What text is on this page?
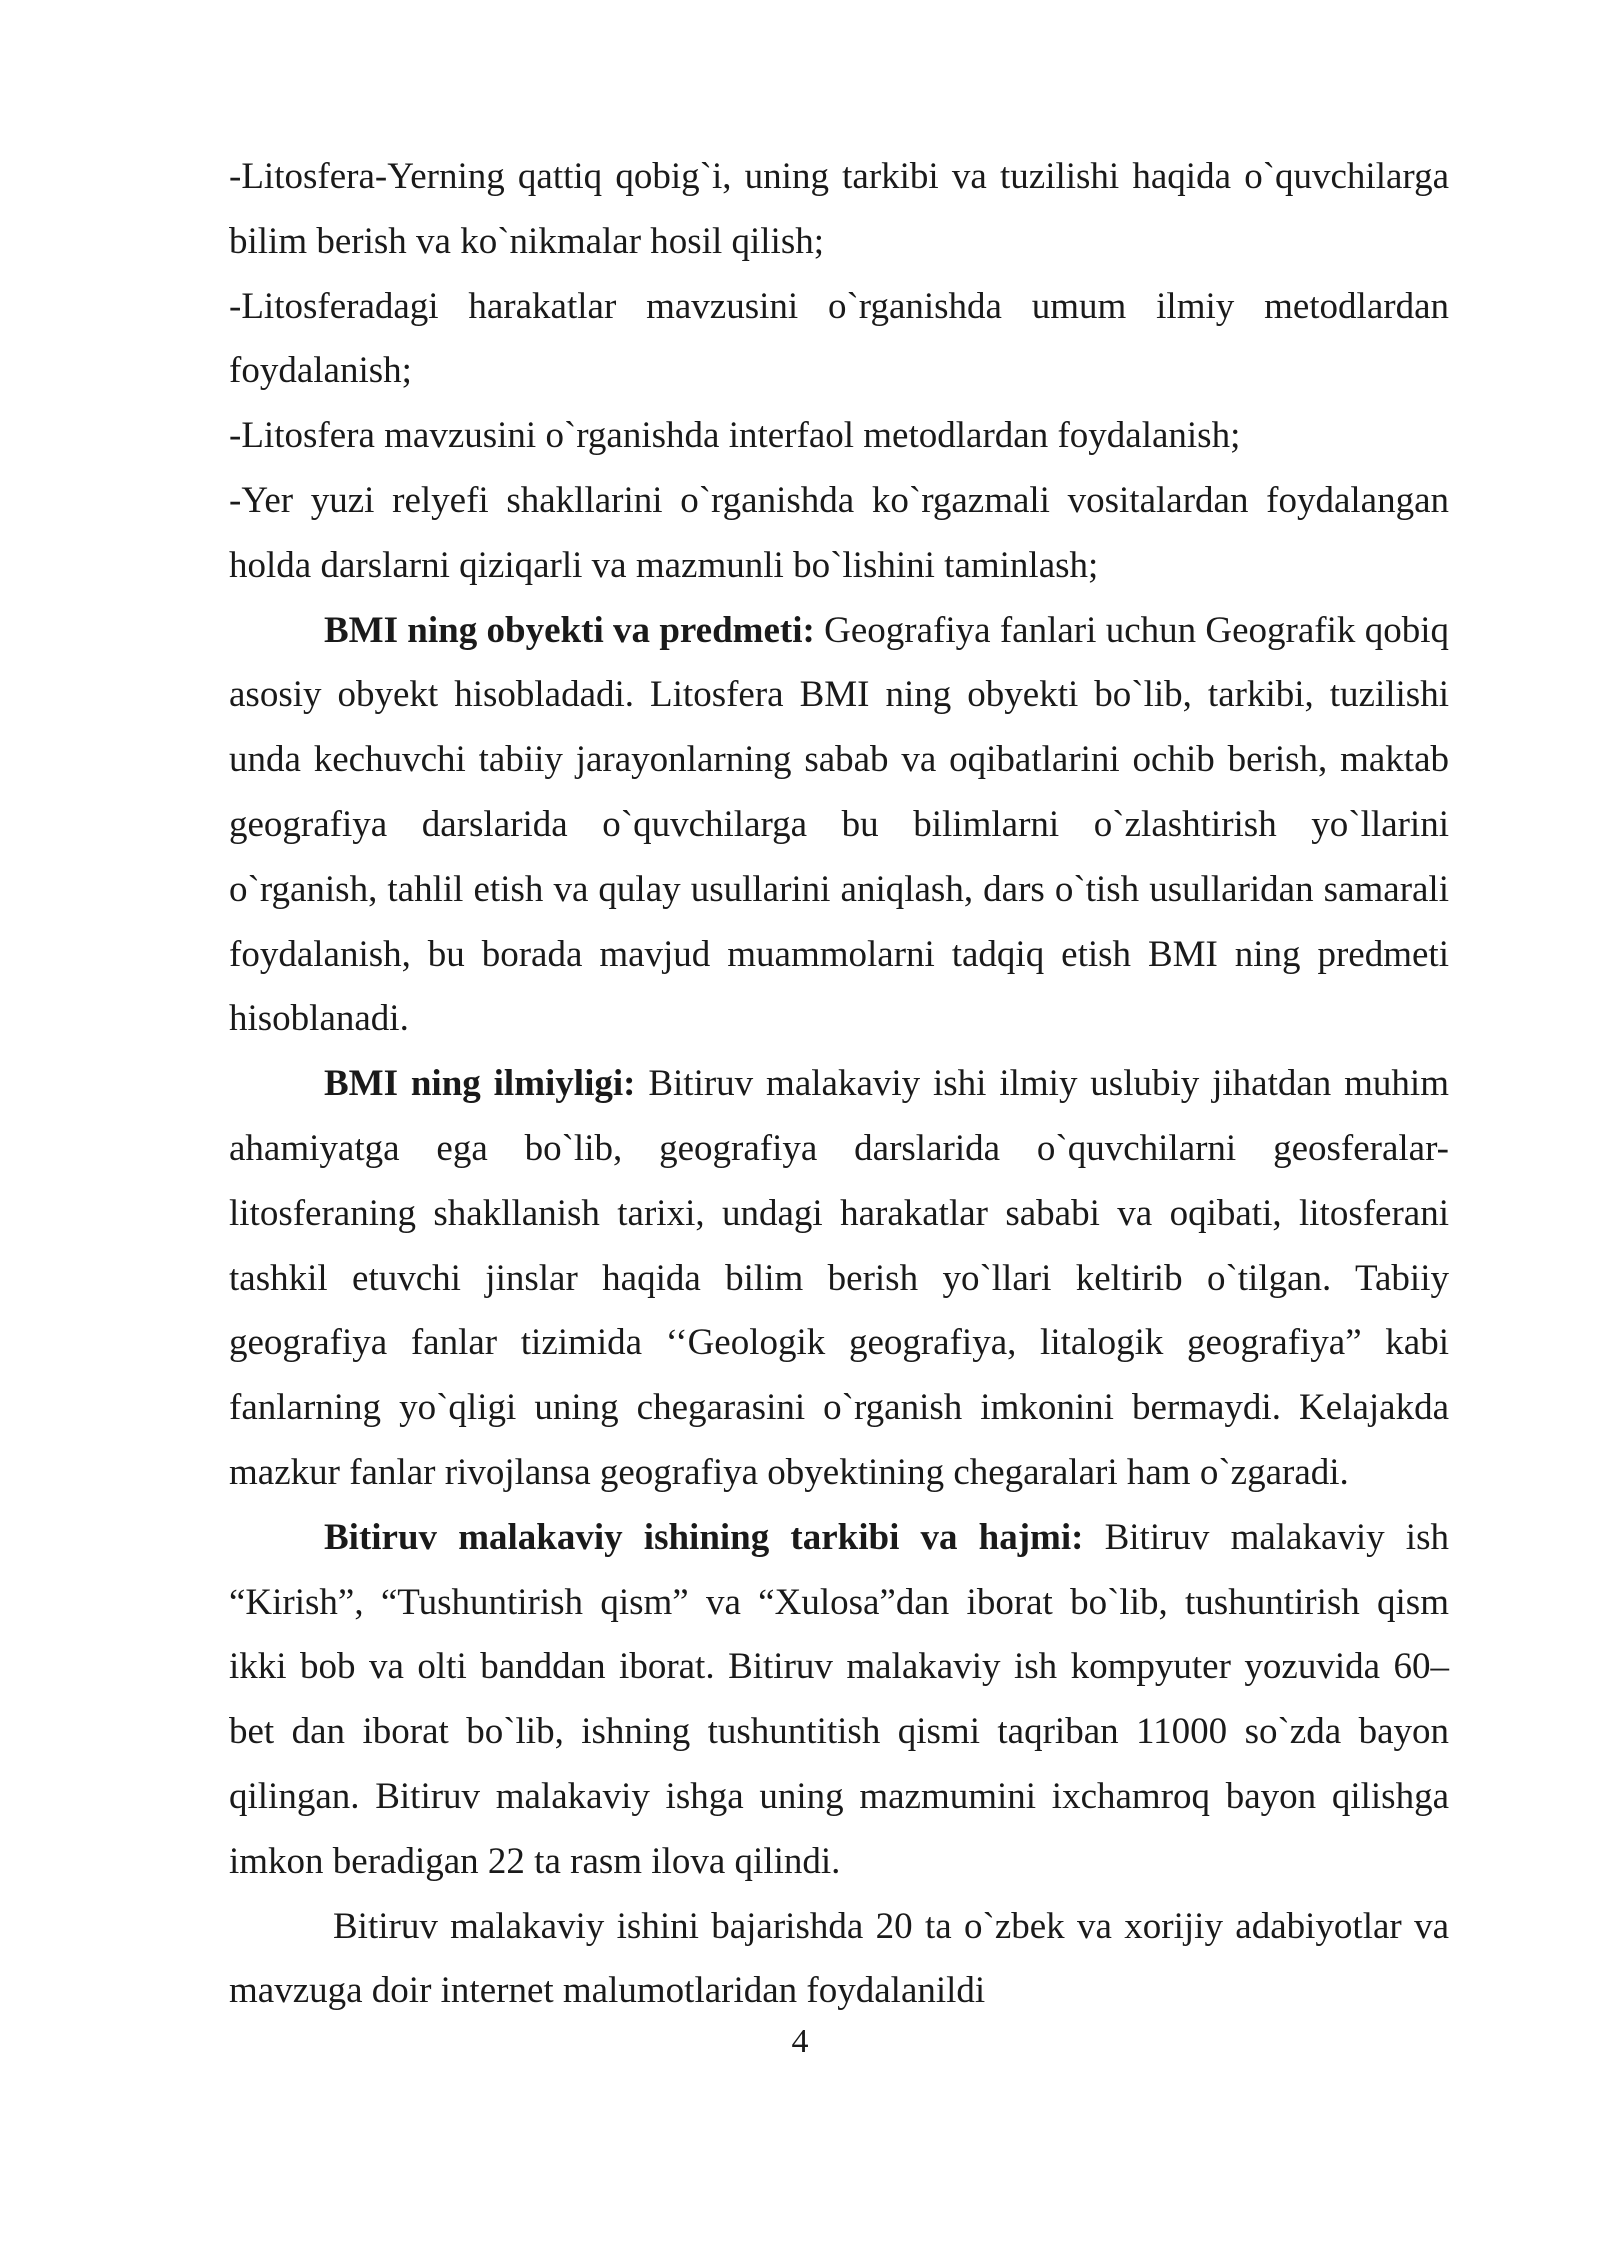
-Litosfera-Yerning qattiq qobig`i, uning tarkibi va tuzilishi haqida o`quvchilarga bilim berish va ko`nikmalar hosil qilish;

-Litosferadagi harakatlar mavzusini o`rganishda umum ilmiy metodlardan foydalanish;

-Litosfera mavzusini o`rganishda interfaol metodlardan foydalanish;

-Yer yuzi relyefi shakllarini o`rganishda ko`rgazmali vositalardan foydalangan holda darslarni qiziqarli va mazmunli bo`lishini taminlash;

BMI ning obyekti va predmeti: Geografiya fanlari uchun Geografik qobiq asosiy obyekt hisobladadi. Litosfera BMI ning obyekti bo`lib, tarkibi, tuzilishi unda kechuvchi tabiiy jarayonlarning sabab va oqibatlarini ochib berish, maktab geografiya darslarida o`quvchilarga bu bilimlarni o`zlashtirish yo`llarini o`rganish, tahlil etish va qulay usullarini aniqlash, dars o`tish usullaridan samarali foydalanish, bu borada mavjud muammolarni tadqiq etish BMI ning predmeti hisoblanadi.

BMI ning ilmiyligi: Bitiruv malakaviy ishi ilmiy uslubiy jihatdan muhim ahamiyatga ega bo`lib, geografiya darslarida o`quvchilarni geosferalar-litosferaning shakllanish tarixi, undagi harakatlar sababi va oqibati, litosferani tashkil etuvchi jinslar haqida bilim berish yo`llari keltirib o`tilgan. Tabiiy geografiya fanlar tizimida ‘‘Geologik geografiya, litalogik geografiya” kabi fanlarning yo`qligi uning chegarasini o`rganish imkonini bermaydi. Kelajakda mazkur fanlar rivojlansa geografiya obyektining chegaralari ham o`zgaradi.

Bitiruv malakaviy ishining tarkibi va hajmi: Bitiruv malakaviy ish “Kirish”, “Tushuntirish qism” va “Xulosa”dan iborat bo`lib, tushuntirish qism ikki bob va olti banddan iborat. Bitiruv malakaviy ish kompyuter yozuvida 60– bet dan iborat bo`lib, ishning tushuntitish qismi taqriban 11000 so`zda bayon qilingan. Bitiruv malakaviy ishga uning mazmumini ixchamroq bayon qilishga imkon beradigan 22 ta rasm ilova qilindi.

Bitiruv malakaviy ishini bajarishda 20 ta o`zbek va xorijiy adabiyotlar va mavzuga doir internet malumotlaridan foydalanildi

4
